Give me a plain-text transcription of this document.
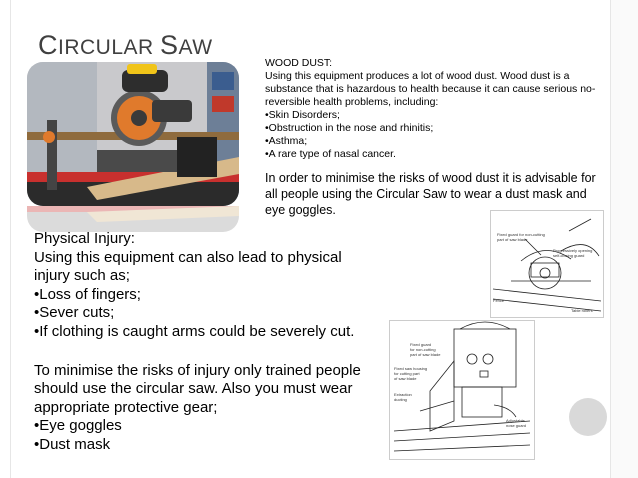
CIRCULAR SAW
WOOD DUST:
Using this equipment produces a lot of wood dust. Wood dust is a
substance that is hazardous to health because it can cause serious no-
reversible health problems, including:
•Skin Disorders;
•Obstruction in the nose and rhinitis;
•Asthma;
•A rare type of nasal cancer.
In order to minimise the risks of wood dust it is advisable for all people using the Circular Saw to wear a dust mask and eye goggles.
Physical Injury:
Using this equipment can also lead to physical
injury such as;
•Loss of fingers;
•Sever cuts;
•If clothing is caught arms could be severely cut.
To minimise the risks of injury only trained people
should use the circular saw. Also you must wear
appropriate protective gear;
•Eye goggles
•Dust mask
Fixed guard for non-cutting
part of saw blade
Progressively opening
self-closing guard
Fence
Table rollers
Fixed guard
for non-cutting
part of saw blade
Fixed saw housing
for cutting part
of saw blade
Extraction
ducting
Adjustable
nose guard
